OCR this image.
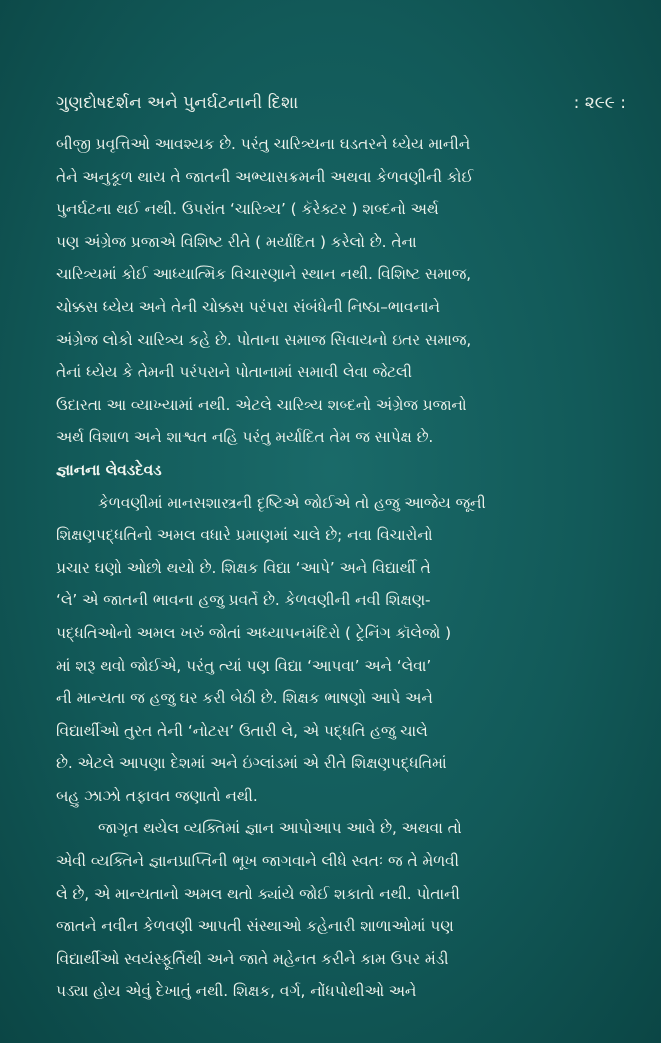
ગુણદોષદર્શન અને પુનર્ઘટનાની દિશા	: ૨૯૯ :
બીજી પ્રવૃત્તિઓ આવશ્યક છે. પરંતુ ચારિત્ર્યના ઘડતરને ધ્યેય માનીને
તેને અનુકૂળ થાય તે જાતની અભ્યાસક્રમની અથવા કેળવણીની કોઈ
પુનર્ઘટના થઈ નથી. ઉપરાંત ‘ચારિત્ર્ય’ ( કૅરેક્ટર ) શબ્દનો અર્થ
પણ અંગ્રેજ પ્રજાએ વિશિષ્ટ રીતે ( મર્યાદિત ) કરેલો છે. તેના
ચારિત્ર્યમાં કોઈ આધ્યાત્મિક વિચારણાને સ્થાન નથી. વિશિષ્ટ સમાજ,
ચોક્કસ ધ્યેય અને તેની ચોક્કસ પરંપરા સંબંધેની નિષ્ઠા–ભાવનાને
અંગ્રેજ લોકો ચારિત્ર્ય કહે છે. પોતાના સમાજ સિવાયનો ઇતર સમાજ,
તેનાં ધ્યેય કે તેમની પરંપરાને પોતાનામાં સમાવી લેવા જેટલી
ઉદારતા આ વ્યાખ્યામાં નથી. એટલે ચારિત્ર્ય શબ્દનો અંગ્રેજ પ્રજાનો
અર્થ વિશાળ અને શાશ્વત નહિ પરંતુ મર્યાદિત તેમ જ સાપેક્ષ છે.
જ્ઞાનના લેવડદેવડ
કેળવણીમાં માનસશાસ્ત્રની દૃષ્ટિએ જોઈએ તો હજુ આજેય જૂની
શિક્ષણપદ્ધતિનો અમલ વધારે પ્રમાણમાં ચાલે છે; નવા વિચારોનો
પ્રચાર ઘણો ઓછો થયો છે. શિક્ષક વિદ્યા ‘આપે’ અને વિદ્યાર્થી તે
‘લે’ એ જાતની ભાવના હજુ પ્રવર્તે છે. કેળવણીની નવી શિક્ષણ-
પદ્ધતિઓનો અમલ ખરું જોતાં અધ્યાપનમંદિરો ( ટ્રેનિંગ કૉલેજો )
માં શરૂ થવો જોઈએ, પરંતુ ત્યાં પણ વિદ્યા ‘આપવા’ અને ‘લેવા’
ની માન્યતા જ હજુ ઘર કરી બેઠી છે. શિક્ષક ભાષણો આપે અને
વિદ્યાર્થીઓ તુરત તેની ‘નોટસ’ ઉતારી લે, એ પદ્ધતિ હજુ ચાલે
છે. એટલે આપણા દેશમાં અને ઇંગ્લાંડમાં એ રીતે શિક્ષણપદ્ધતિમાં
બહુ ઝાઝો તફાવત જણાતો નથી.
જાગૃત થયેલ વ્યક્તિમાં જ્ઞાન આપોઆપ આવે છે, અથવા તો
એવી વ્યક્તિને જ્ઞાનપ્રાપ્તિની ભૂખ જાગવાને લીધે સ્વતઃ જ તે મેળવી
લે છે, એ માન્યતાનો અમલ થતો ક્યાંયે જોઈ શકાતો નથી. પોતાની
જાતને નવીન કેળવણી આપતી સંસ્થાઓ કહેનારી શાળાઓમાં પણ
વિદ્યાર્થીઓ સ્વયંસ્ફૂર્તિથી અને જાતે મહેનત કરીને કામ ઉપર મંડી
પડ્યા હોય એવું દેખાતું નથી. શિક્ષક, વર્ગ, નોંધપોથીઓ અને
